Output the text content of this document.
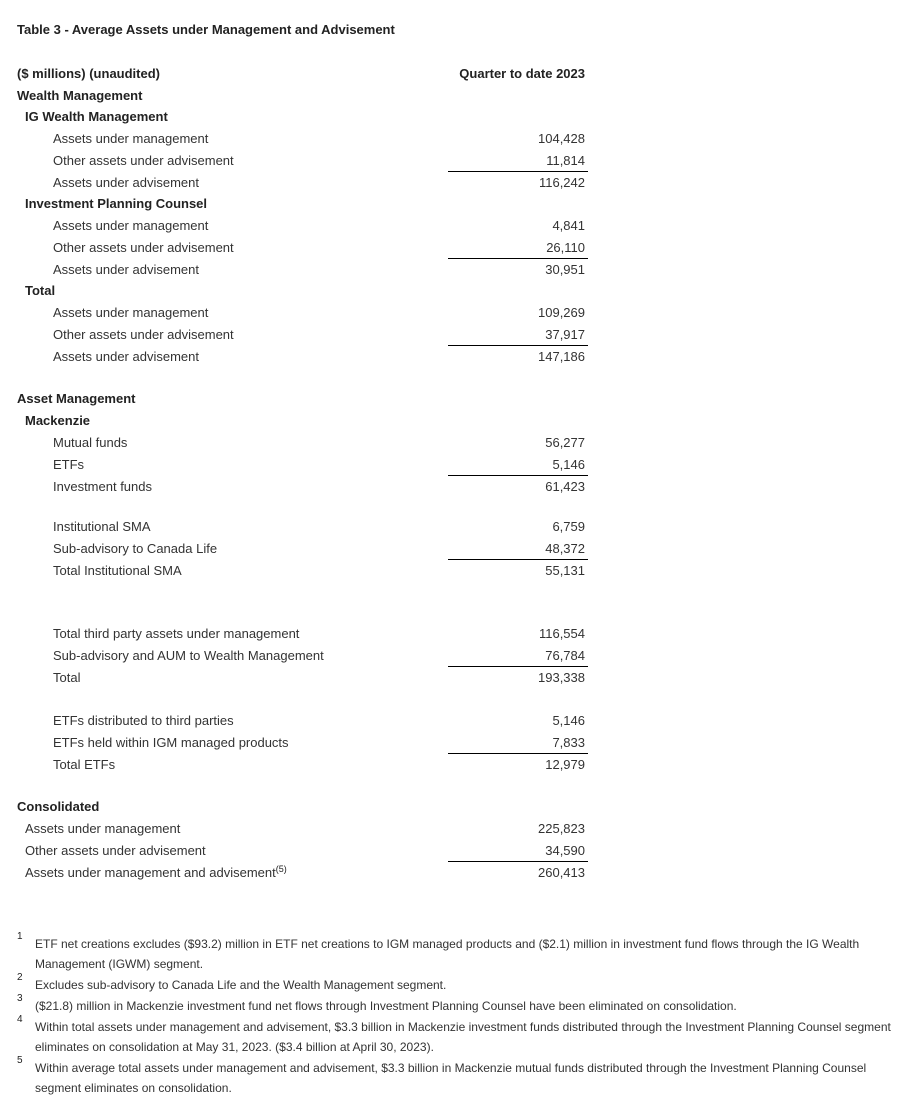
Table 3 - Average Assets under Management and Advisement
($ millions) (unaudited)	Quarter to date 2023
Wealth Management
IG Wealth Management
Assets under management	104,428
Other assets under advisement	11,814
Assets under advisement	116,242
Investment Planning Counsel
Assets under management	4,841
Other assets under advisement	26,110
Assets under advisement	30,951
Total
Assets under management	109,269
Other assets under advisement	37,917
Assets under advisement	147,186
Asset Management
Mackenzie
Mutual funds	56,277
ETFs	5,146
Investment funds	61,423
Institutional SMA	6,759
Sub-advisory to Canada Life	48,372
Total Institutional SMA	55,131
Total third party assets under management	116,554
Sub-advisory and AUM to Wealth Management	76,784
Total	193,338
ETFs distributed to third parties	5,146
ETFs held within IGM managed products	7,833
Total ETFs	12,979
Consolidated
Assets under management	225,823
Other assets under advisement	34,590
Assets under management and advisement (5)	260,413
1
ETF net creations excludes ($93.2) million in ETF net creations to IGM managed products and ($2.1) million in investment fund flows through the IG Wealth Management (IGWM) segment.
2
Excludes sub-advisory to Canada Life and the Wealth Management segment.
3
($21.8) million in Mackenzie investment fund net flows through Investment Planning Counsel have been eliminated on consolidation.
4
Within total assets under management and advisement, $3.3 billion in Mackenzie investment funds distributed through the Investment Planning Counsel segment eliminates on consolidation at May 31, 2023. ($3.4 billion at April 30, 2023).
5
Within average total assets under management and advisement, $3.3 billion in Mackenzie mutual funds distributed through the Investment Planning Counsel segment eliminates on consolidation.
